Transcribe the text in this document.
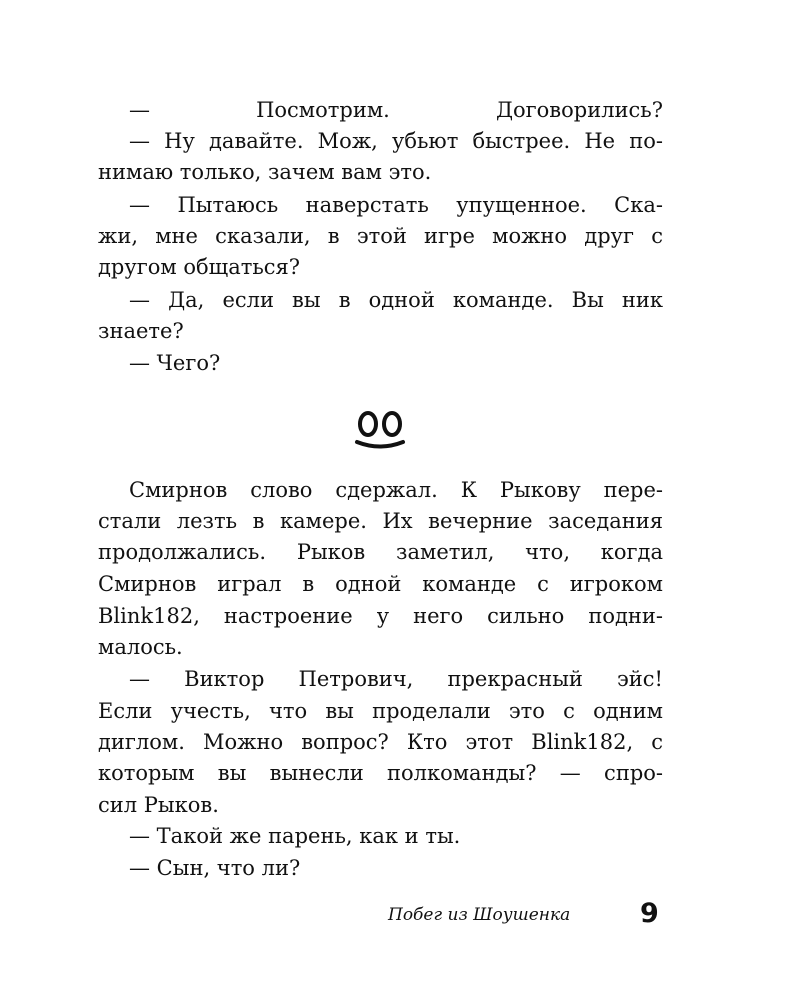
— Посмотрим. Договорились?
— Ну давайте. Мож, убьют быстрее. Не по-
нимаю только, зачем вам это.
— Пытаюсь наверстать упущенное. Ска-
жи, мне сказали, в этой игре можно друг с
другом общаться?
— Да, если вы в одной команде. Вы ник
знаете?
— Чего?
Смирнов слово сдержал. К Рыкову пере-
стали лезть в камере. Их вечерние заседания
продолжались. Рыков заметил, что, когда
Смирнов играл в одной команде с игроком
Blink182, настроение у него сильно подни-
малось.
— Виктор Петрович, прекрасный эйс!
Если учесть, что вы проделали это с одним
диглом. Можно вопрос? Кто этот Blink182, с
которым вы вынесли полкоманды? — спро-
сил Рыков.
— Такой же парень, как и ты.
— Сын, что ли?
Побег из Шоушенка	9
